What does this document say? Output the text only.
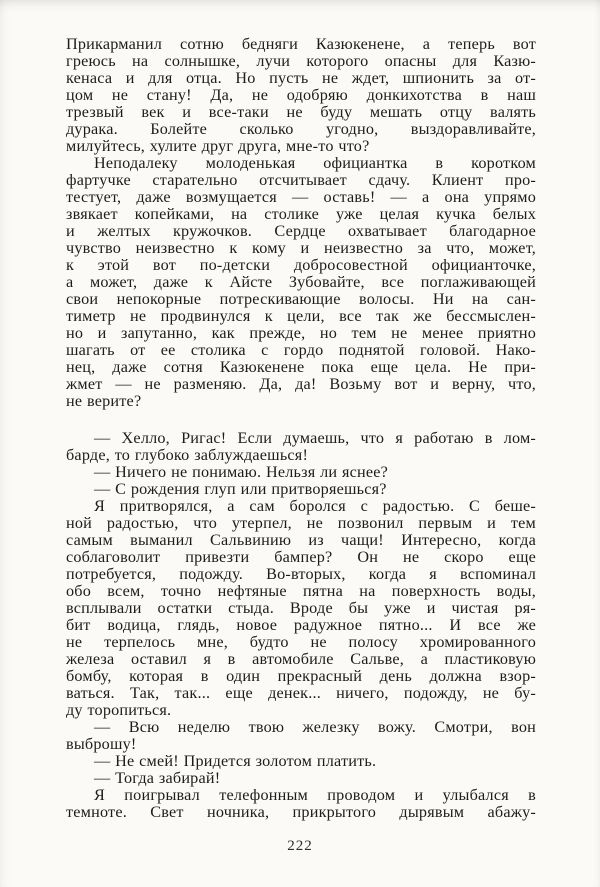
Прикарманил сотню бедняги Казюкенене, а теперь вот
греюсь на солнышке, лучи которого опасны для Казю-
кенаса и для отца. Но пусть не ждет, шпионить за от-
цом не стану! Да, не одобряю донкихотства в наш
трезвый век и все-таки не буду мешать отцу валять
дурака. Болейте сколько угодно, выздоравливайте,
милуйтесь, хулите друг друга, мне-то что?
Неподалеку молоденькая официантка в коротком
фартучке старательно отсчитывает сдачу. Клиент про-
тестует, даже возмущается — оставь! — а она упрямо
звякает копейками, на столике уже целая кучка белых
и желтых кружочков. Сердце охватывает благодарное
чувство неизвестно к кому и неизвестно за что, может,
к этой вот по-детски добросовестной официанточке,
а может, даже к Айсте Зубовайте, все поглаживающей
свои непокорные потрескивающие волосы. Ни на сан-
тиметр не продвинулся к цели, все так же бессмыслен-
но и запутанно, как прежде, но тем не менее приятно
шагать от ее столика с гордо поднятой головой. Нако-
нец, даже сотня Казюкенене пока еще цела. Не при-
жмет — не разменяю. Да, да! Возьму вот и верну, что,
не верите?
— Хелло, Ригас! Если думаешь, что я работаю в лом-
барде, то глубоко заблуждаешься!
— Ничего не понимаю. Нельзя ли яснее?
— С рождения глуп или притворяешься?
Я притворялся, а сам боролся с радостью. С беше-
ной радостью, что утерпел, не позвонил первым и тем
самым выманил Сальвинию из чащи! Интересно, когда
соблаговолит привезти бампер? Он не скоро еще
потребуется, подожду. Во-вторых, когда я вспоминал
обо всем, точно нефтяные пятна на поверхность воды,
всплывали остатки стыда. Вроде бы уже и чистая ря-
бит водица, глядь, новое радужное пятно... И все же
не терпелось мне, будто не полосу хромированного
железа оставил я в автомобиле Сальве, а пластиковую
бомбу, которая в один прекрасный день должна взор-
ваться. Так, так... еще денек... ничего, подожду, не бу-
ду торопиться.
— Всю неделю твою железку вожу. Смотри, вон
выброшу!
— Не смей! Придется золотом платить.
— Тогда забирай!
Я поигрывал телефонным проводом и улыбался в
темноте. Свет ночника, прикрытого дырявым абажу-
222
